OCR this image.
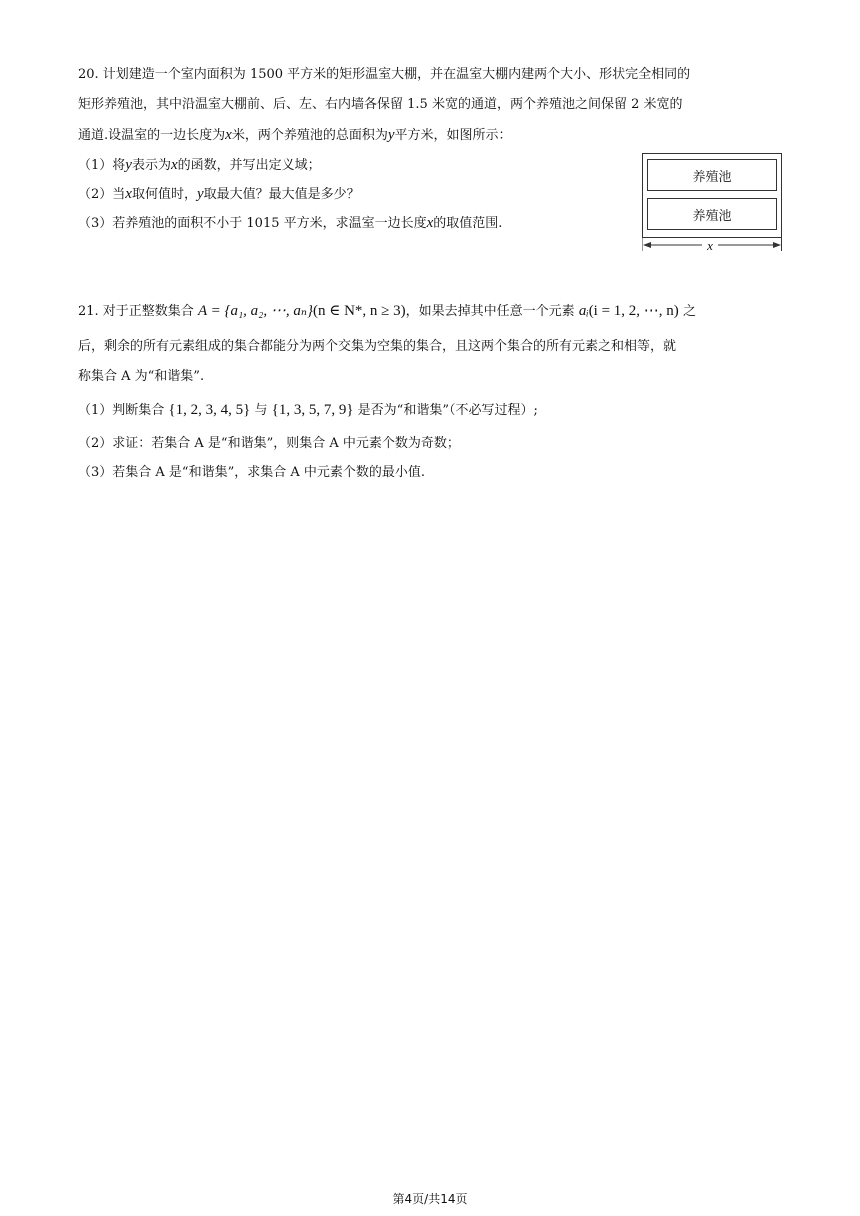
20. 计划建造一个室内面积为 1500 平方米的矩形温室大棚，并在温室大棚内建两个大小、形状完全相同的
矩形养殖池，其中沿温室大棚前、后、左、右内墙各保留 1.5 米宽的通道，两个养殖池之间保留 2 米宽的
通道.设温室的一边长度为x米，两个养殖池的总面积为y平方米，如图所示：
（1）将y表示为x的函数，并写出定义域；
（2）当x取何值时，y取最大值？最大值是多少？
（3）若养殖池的面积不小于 1015 平方米，求温室一边长度x的取值范围.
养殖池
养殖池
x
21. 对于正整数集合 A = {a₁, a₂, ⋯, aₙ}(n ∈ N*, n ≥ 3)，如果去掉其中任意一个元素 aᵢ(i = 1, 2, ⋯, n) 之
后，剩余的所有元素组成的集合都能分为两个交集为空集的集合，且这两个集合的所有元素之和相等，就
称集合 A 为“和谐集”.
（1）判断集合 {1, 2, 3, 4, 5} 与 {1, 3, 5, 7, 9} 是否为“和谐集”（不必写过程）;
（2）求证：若集合 A 是“和谐集”，则集合 A 中元素个数为奇数；
（3）若集合 A 是“和谐集”，求集合 A 中元素个数的最小值.
第4页/共14页
